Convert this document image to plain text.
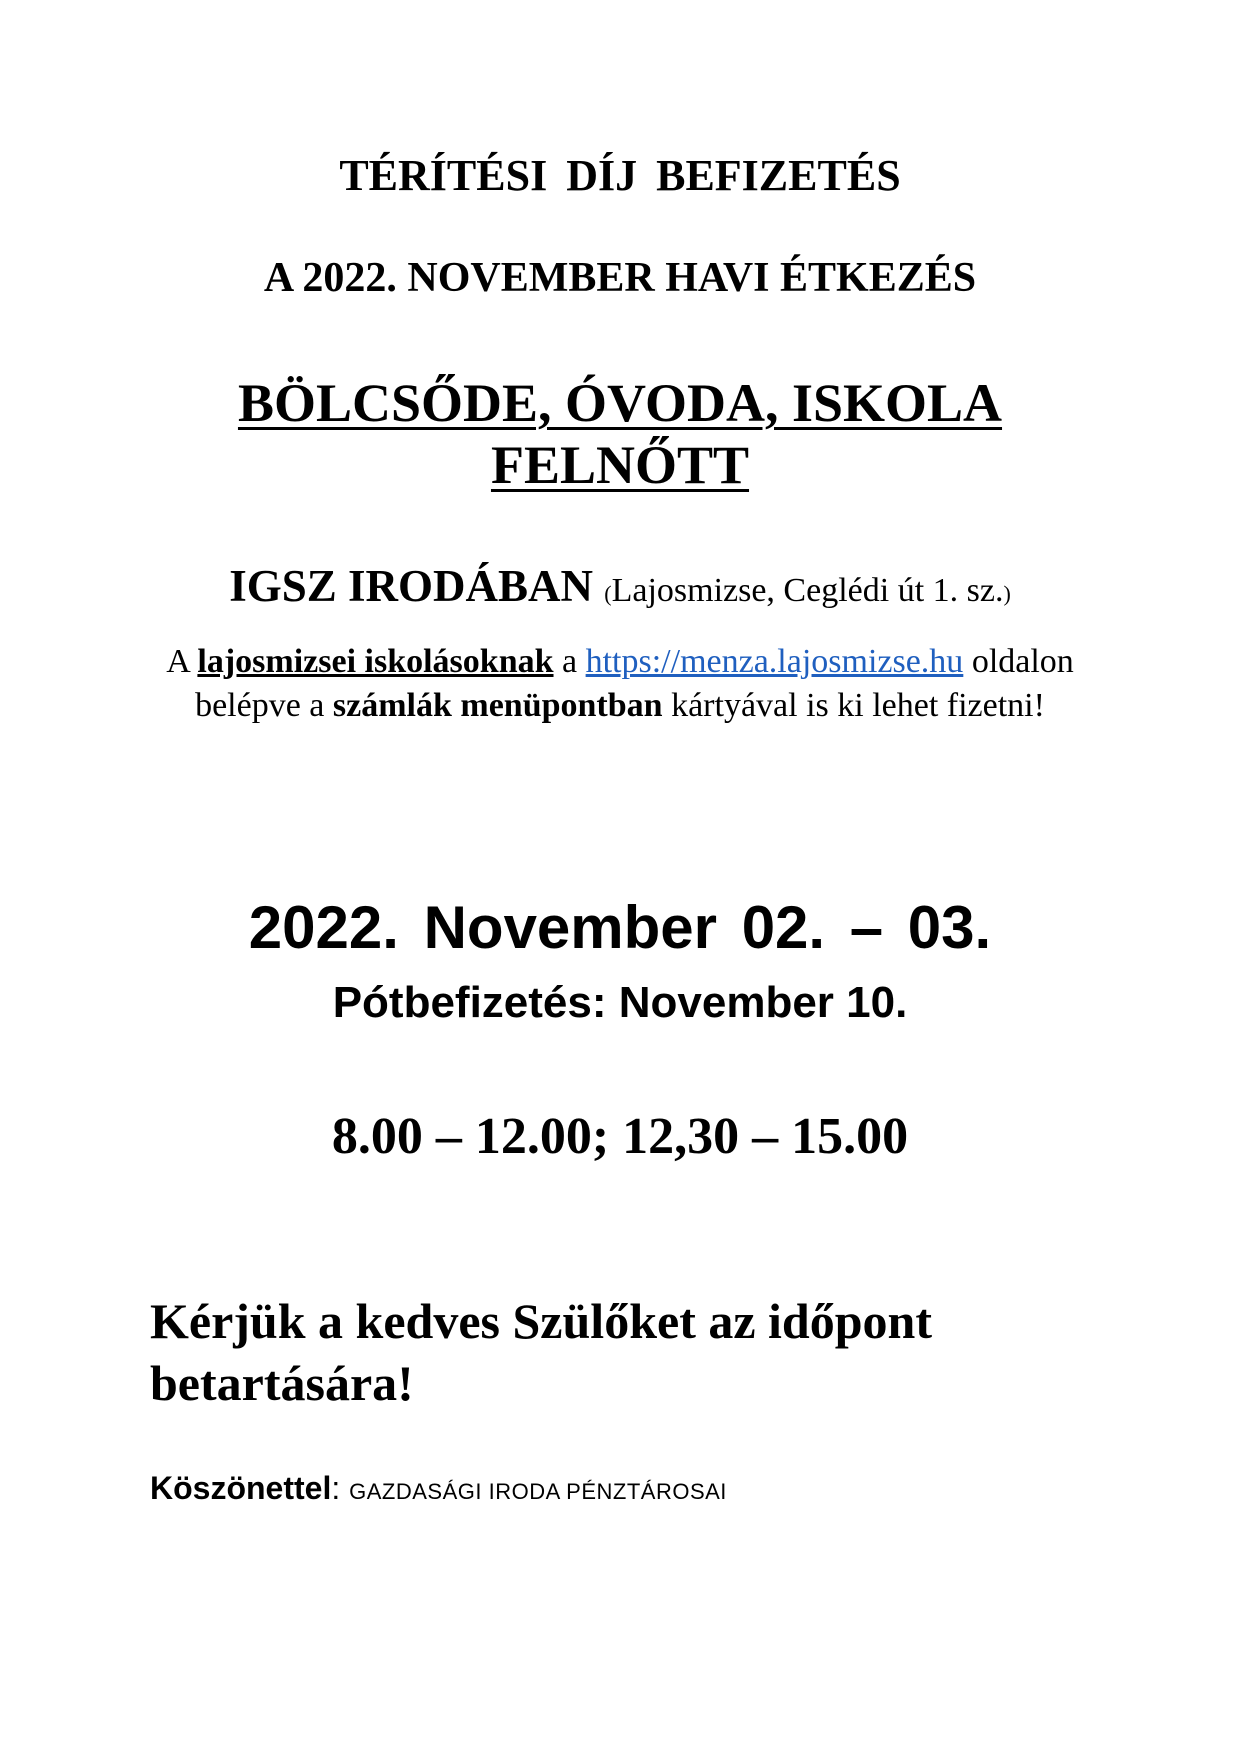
TÉRÍTÉSI DÍJ BEFIZETÉS
A 2022. NOVEMBER HAVI ÉTKEZÉS
BÖLCSŐDE, ÓVODA, ISKOLA
FELNŐTT
IGSZ IRODÁBAN (Lajosmizse, Ceglédi út 1. sz.)

A lajosmizsei iskolásoknak a https://menza.lajosmizse.hu oldalon belépve a számlák menüpontban kártyával is ki lehet fizetni!

2022. November 02. – 03.
Pótbefizetés: November 10.
8.00 – 12.00; 12,30 – 15.00

Kérjük a kedves Szülőket az időpont betartására!

Köszönettel: GAZDASÁGI IRODA PÉNZTÁROSAI
